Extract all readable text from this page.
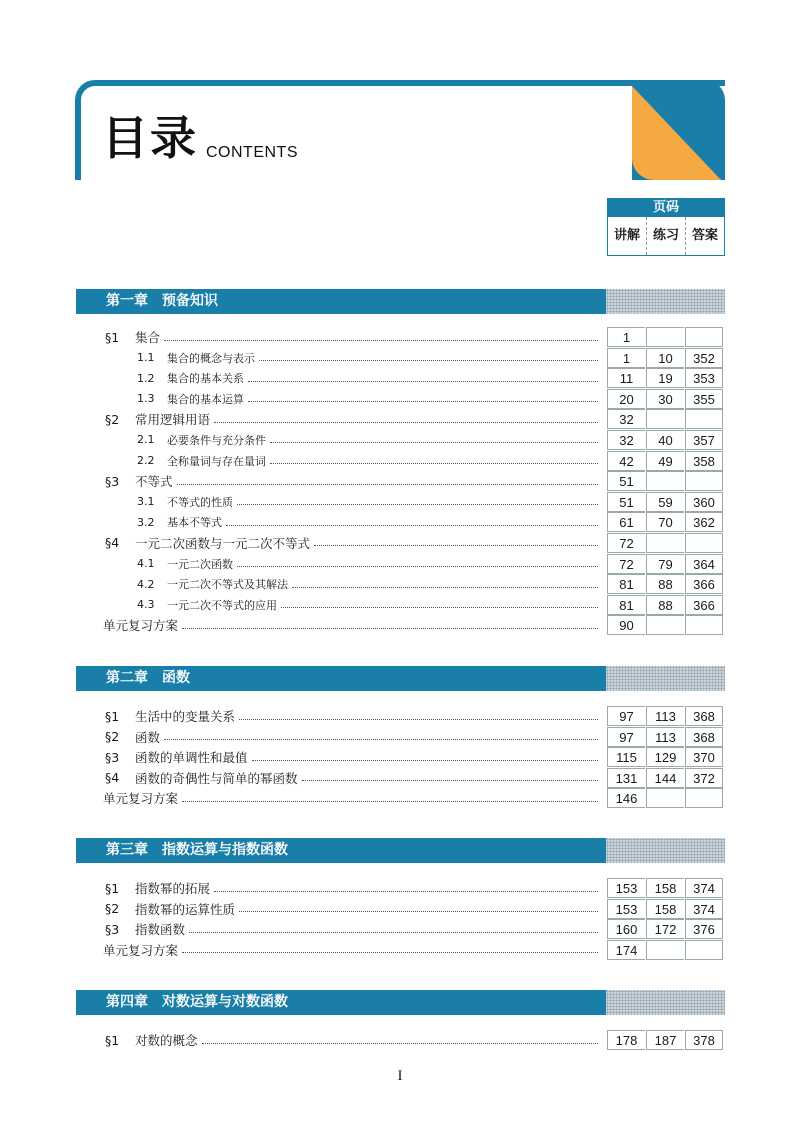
目录 CONTENTS
页码
讲解 练习 答案
第一章　预备知识
§1	集合	1
1.1	集合的概念与表示	1	10	352
1.2	集合的基本关系	11	19	353
1.3	集合的基本运算	20	30	355
§2	常用逻辑用语	32
2.1	必要条件与充分条件	32	40	357
2.2	全称量词与存在量词	42	49	358
§3	不等式	51
3.1	不等式的性质	51	59	360
3.2	基本不等式	61	70	362
§4	一元二次函数与一元二次不等式	72
4.1	一元二次函数	72	79	364
4.2	一元二次不等式及其解法	81	88	366
4.3	一元二次不等式的应用	81	88	366
单元复习方案	90
第二章　函数
§1	生活中的变量关系	97	113	368
§2	函数	97	113	368
§3	函数的单调性和最值	115	129	370
§4	函数的奇偶性与简单的幂函数	131	144	372
单元复习方案	146
第三章　指数运算与指数函数
§1	指数幂的拓展	153	158	374
§2	指数幂的运算性质	153	158	374
§3	指数函数	160	172	376
单元复习方案	174
第四章　对数运算与对数函数
§1	对数的概念	178	187	378
I
